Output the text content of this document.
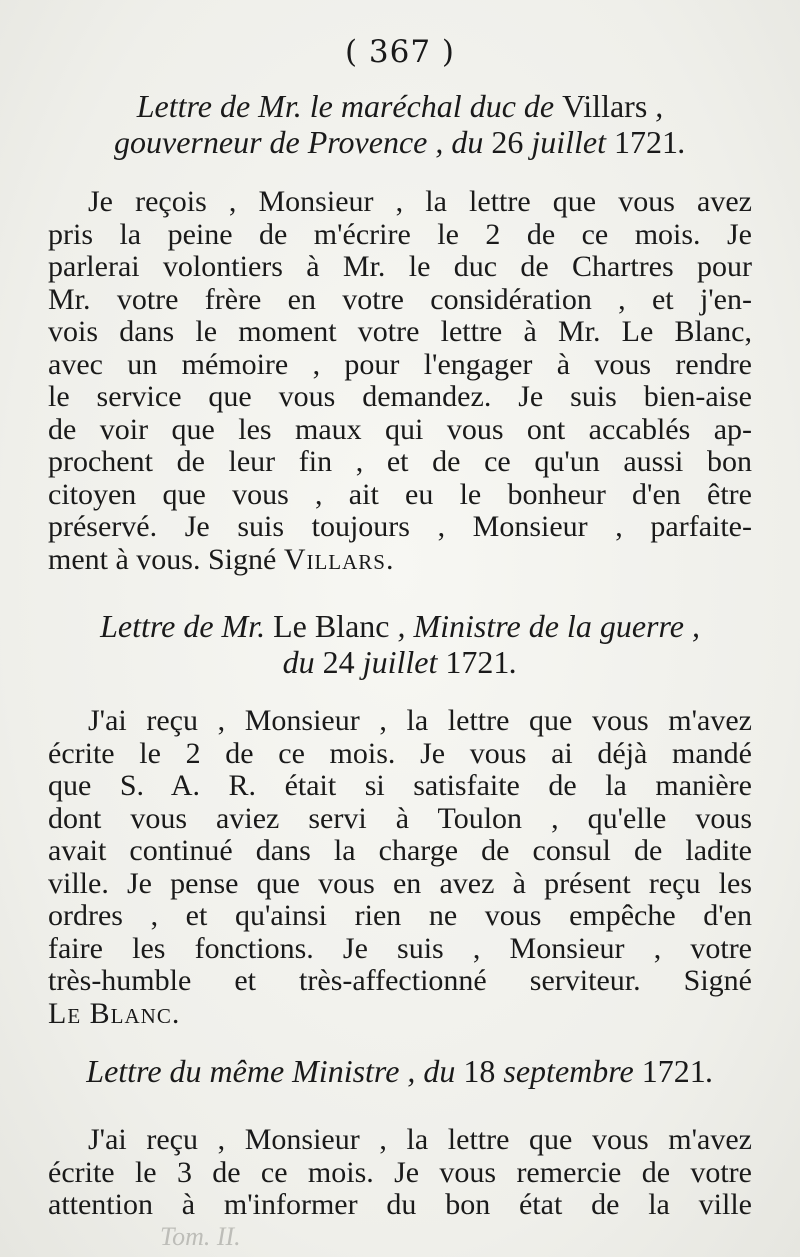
( 367 )
Lettre de Mr. le maréchal duc de Villars ,
gouverneur de Provence , du 26 juillet 1721.
Je reçois , Monsieur , la lettre que vous avez
pris la peine de m'écrire le 2 de ce mois. Je
parlerai volontiers à Mr. le duc de Chartres pour
Mr. votre frère en votre considération , et j'en-
vois dans le moment votre lettre à Mr. Le Blanc,
avec un mémoire , pour l'engager à vous rendre
le service que vous demandez. Je suis bien-aise
de voir que les maux qui vous ont accablés ap-
prochent de leur fin , et de ce qu'un aussi bon
citoyen que vous , ait eu le bonheur d'en être
préservé. Je suis toujours , Monsieur , parfaite-
ment à vous. Signé Villars.
Lettre de Mr. Le Blanc , Ministre de la guerre ,
du 24 juillet 1721.
J'ai reçu , Monsieur , la lettre que vous m'avez
écrite le 2 de ce mois. Je vous ai déjà mandé
que S. A. R. était si satisfaite de la manière
dont vous aviez servi à Toulon , qu'elle vous
avait continué dans la charge de consul de ladite
ville. Je pense que vous en avez à présent reçu les
ordres , et qu'ainsi rien ne vous empêche d'en
faire les fonctions. Je suis , Monsieur , votre
très-humble et très-affectionné serviteur. Signé
Le Blanc.
Lettre du même Ministre , du 18 septembre 1721.
J'ai reçu , Monsieur , la lettre que vous m'avez
écrite le 3 de ce mois. Je vous remercie de votre
attention à m'informer du bon état de la ville
Tom. II.
